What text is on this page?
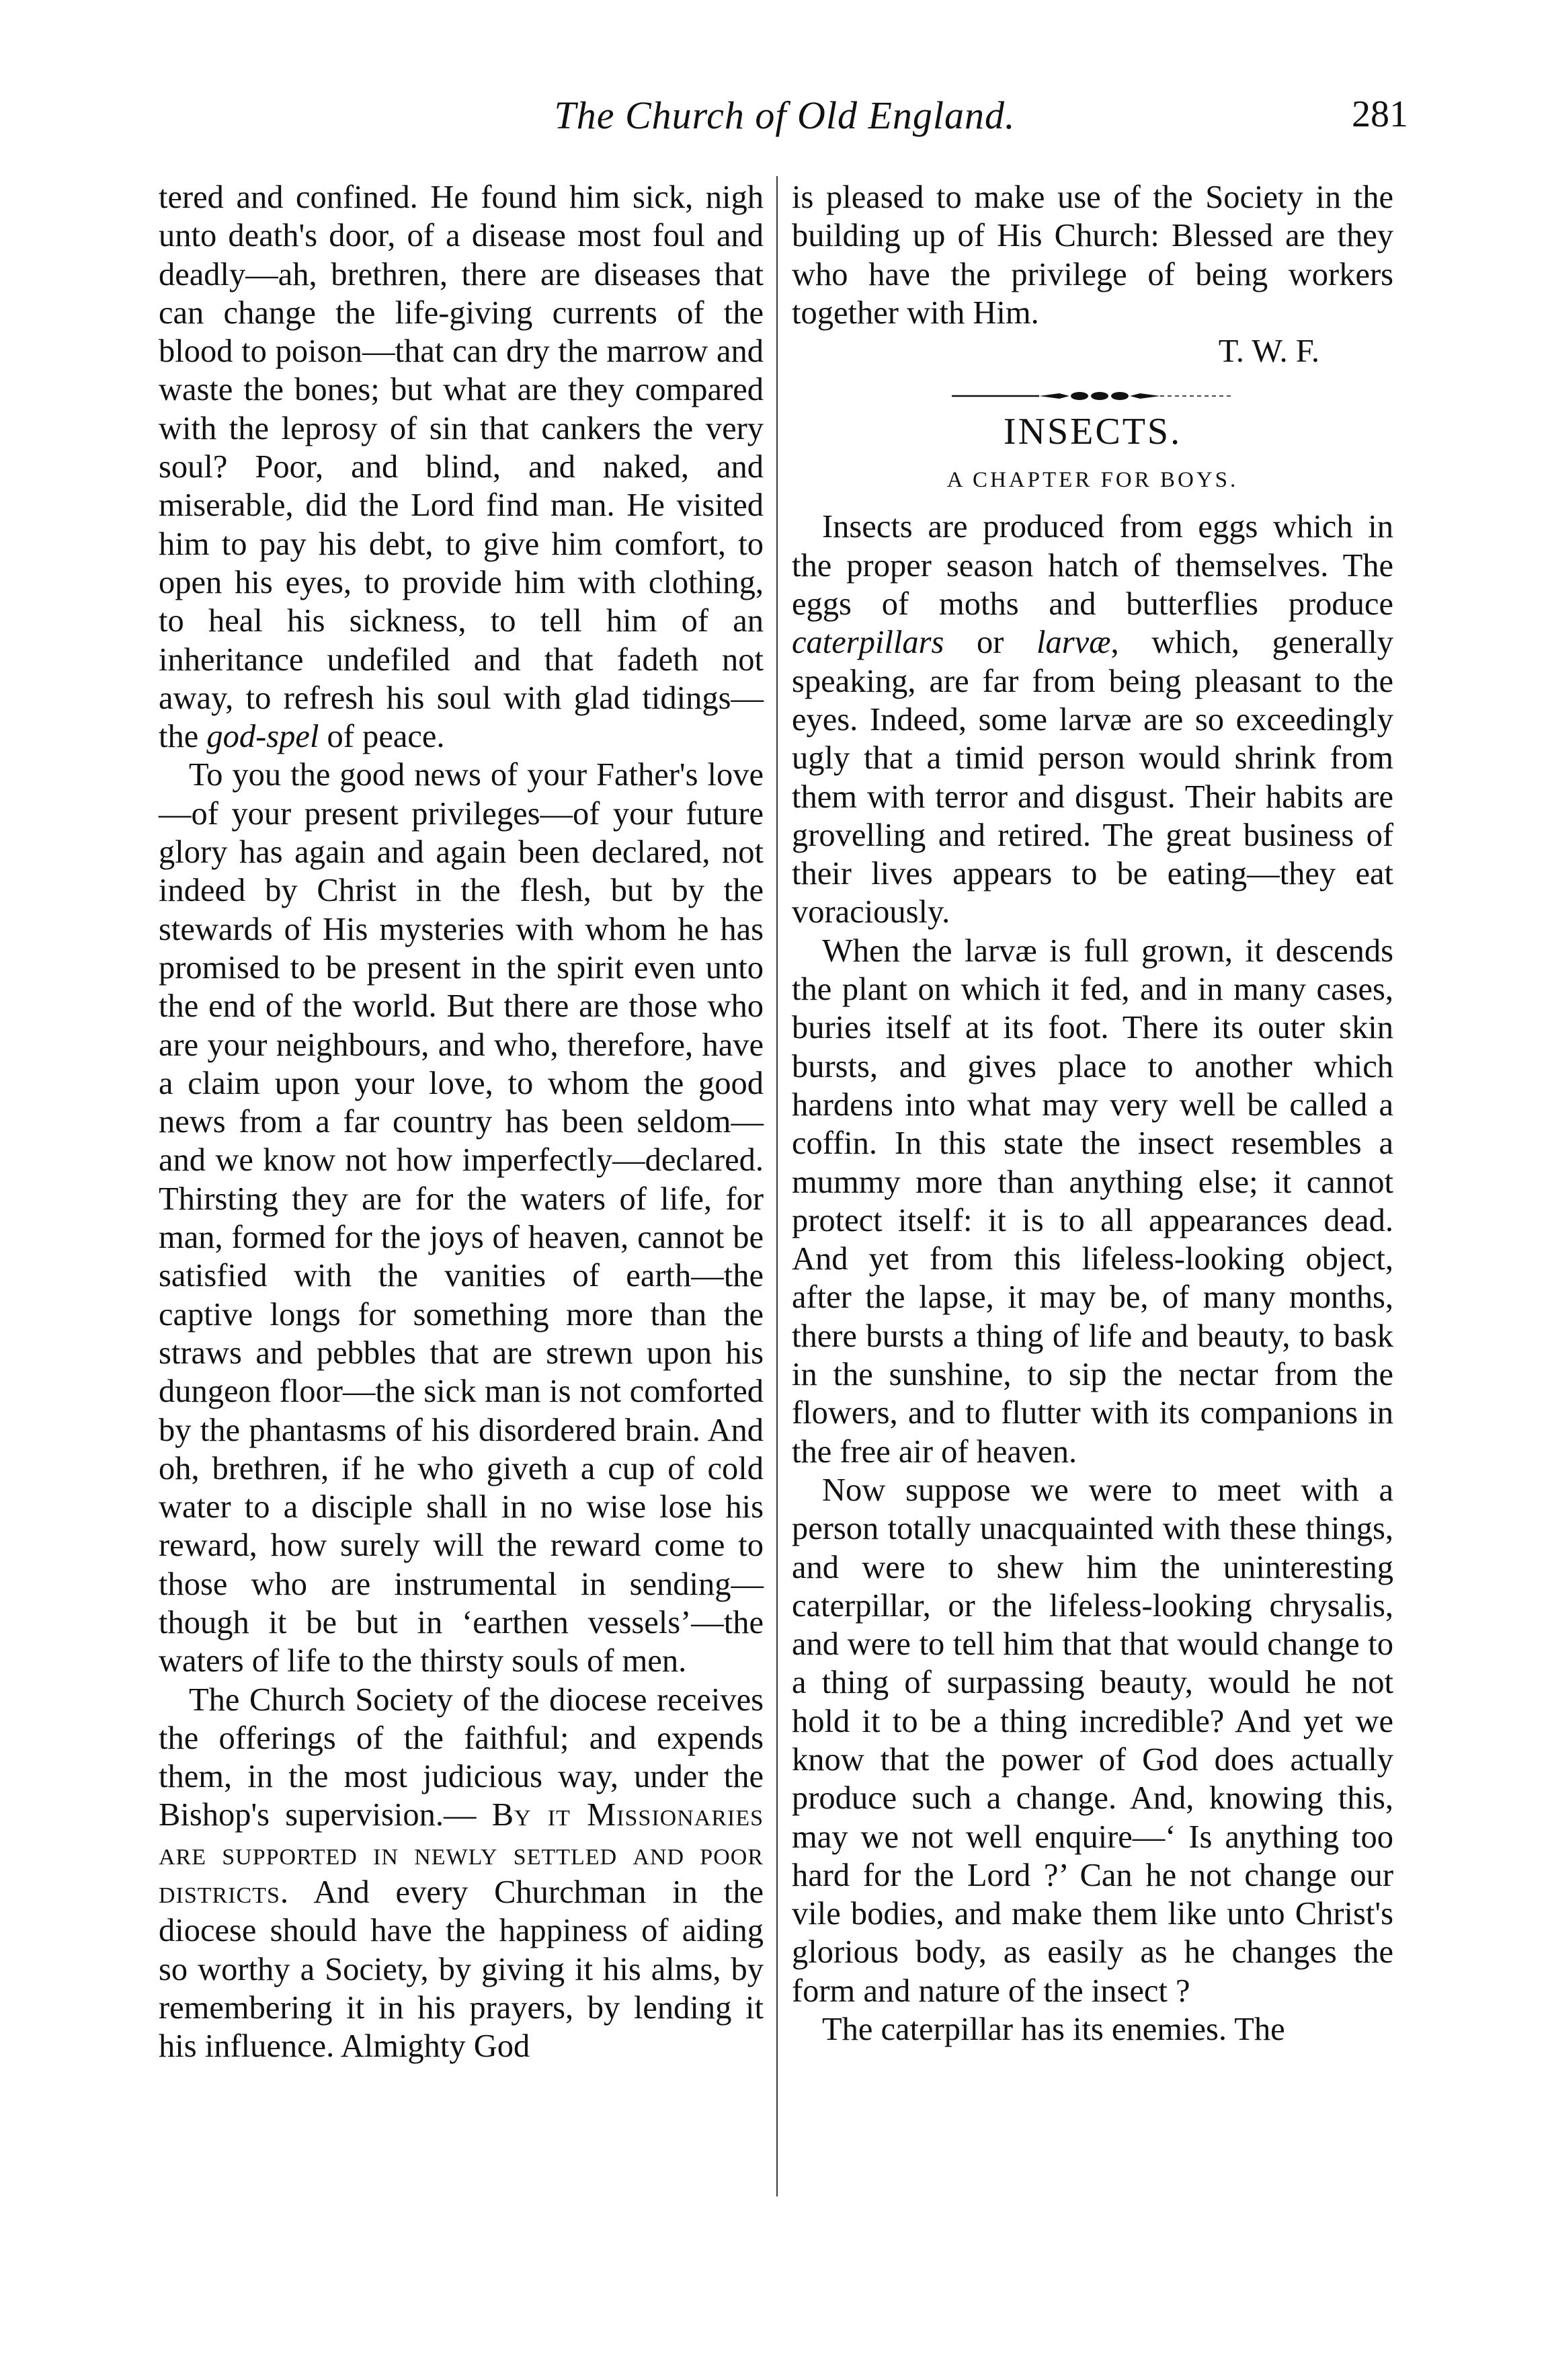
The Church of Old England.	281

tered and confined. He found him sick, nigh unto death's door, of a disease most foul and deadly—ah, brethren, there are diseases that can change the life-giving currents of the blood to poison—that can dry the marrow and waste the bones; but what are they compared with the leprosy of sin that cankers the very soul? Poor, and blind, and naked, and miserable, did the Lord find man. He visited him to pay his debt, to give him comfort, to open his eyes, to provide him with clothing, to heal his sickness, to tell him of an inheritance undefiled and that fadeth not away, to refresh his soul with glad tidings—the god-spel of peace.

To you the good news of your Father's love—of your present privileges—of your future glory has again and again been declared, not indeed by Christ in the flesh, but by the stewards of His mysteries with whom he has promised to be present in the spirit even unto the end of the world. But there are those who are your neighbours, and who, therefore, have a claim upon your love, to whom the good news from a far country has been seldom—and we know not how imperfectly—declared. Thirsting they are for the waters of life, for man, formed for the joys of heaven, cannot be satisfied with the vanities of earth—the captive longs for something more than the straws and pebbles that are strewn upon his dungeon floor—the sick man is not comforted by the phantasms of his disordered brain. And oh, brethren, if he who giveth a cup of cold water to a disciple shall in no wise lose his reward, how surely will the reward come to those who are instrumental in sending—though it be but in ‘earthen vessels’—the waters of life to the thirsty souls of men.

The Church Society of the diocese receives the offerings of the faithful; and expends them, in the most judicious way, under the Bishop's supervision.— By it Missionaries are supported in newly settled and poor districts. And every Churchman in the diocese should have the happiness of aiding so worthy a Society, by giving it his alms, by remembering it in his prayers, by lending it his influence. Almighty God

is pleased to make use of the Society in the building up of His Church: Blessed are they who have the privilege of being workers together with Him.

T. W. F.

INSECTS.

A CHAPTER FOR BOYS.

Insects are produced from eggs which in the proper season hatch of themselves. The eggs of moths and butterflies produce caterpillars or larvæ, which, generally speaking, are far from being pleasant to the eyes. Indeed, some larvæ are so exceedingly ugly that a timid person would shrink from them with terror and disgust. Their habits are grovelling and retired. The great business of their lives appears to be eating—they eat voraciously.

When the larvæ is full grown, it descends the plant on which it fed, and in many cases, buries itself at its foot. There its outer skin bursts, and gives place to another which hardens into what may very well be called a coffin. In this state the insect resembles a mummy more than anything else; it cannot protect itself: it is to all appearances dead. And yet from this lifeless-looking object, after the lapse, it may be, of many months, there bursts a thing of life and beauty, to bask in the sunshine, to sip the nectar from the flowers, and to flutter with its companions in the free air of heaven.

Now suppose we were to meet with a person totally unacquainted with these things, and were to shew him the uninteresting caterpillar, or the lifeless-looking chrysalis, and were to tell him that that would change to a thing of surpassing beauty, would he not hold it to be a thing incredible? And yet we know that the power of God does actually produce such a change. And, knowing this, may we not well enquire—‘ Is anything too hard for the Lord ?’ Can he not change our vile bodies, and make them like unto Christ's glorious body, as easily as he changes the form and nature of the insect ?

The caterpillar has its enemies. The
